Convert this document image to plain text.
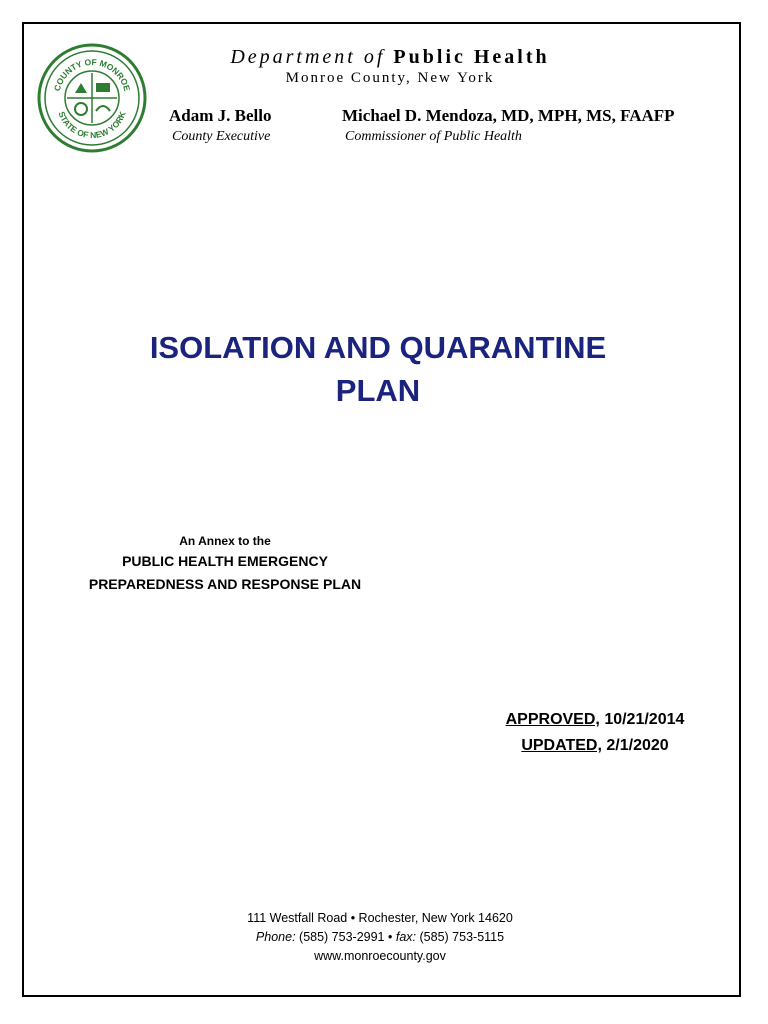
COUNTY OF MONROE
STATE OF NEW YORK
Department of Public Health
Monroe County, New York
Adam J. Bello
County Executive
Michael D. Mendoza, MD, MPH, MS, FAAFP
Commissioner of Public Health
ISOLATION AND QUARANTINE
PLAN
An Annex to the
PUBLIC HEALTH EMERGENCY
PREPAREDNESS AND RESPONSE PLAN
APPROVED, 10/21/2014
UPDATED, 2/1/2020
111 Westfall Road • Rochester, New York 14620
Phone: (585) 753-2991 • fax: (585) 753-5115
www.monroecounty.gov
